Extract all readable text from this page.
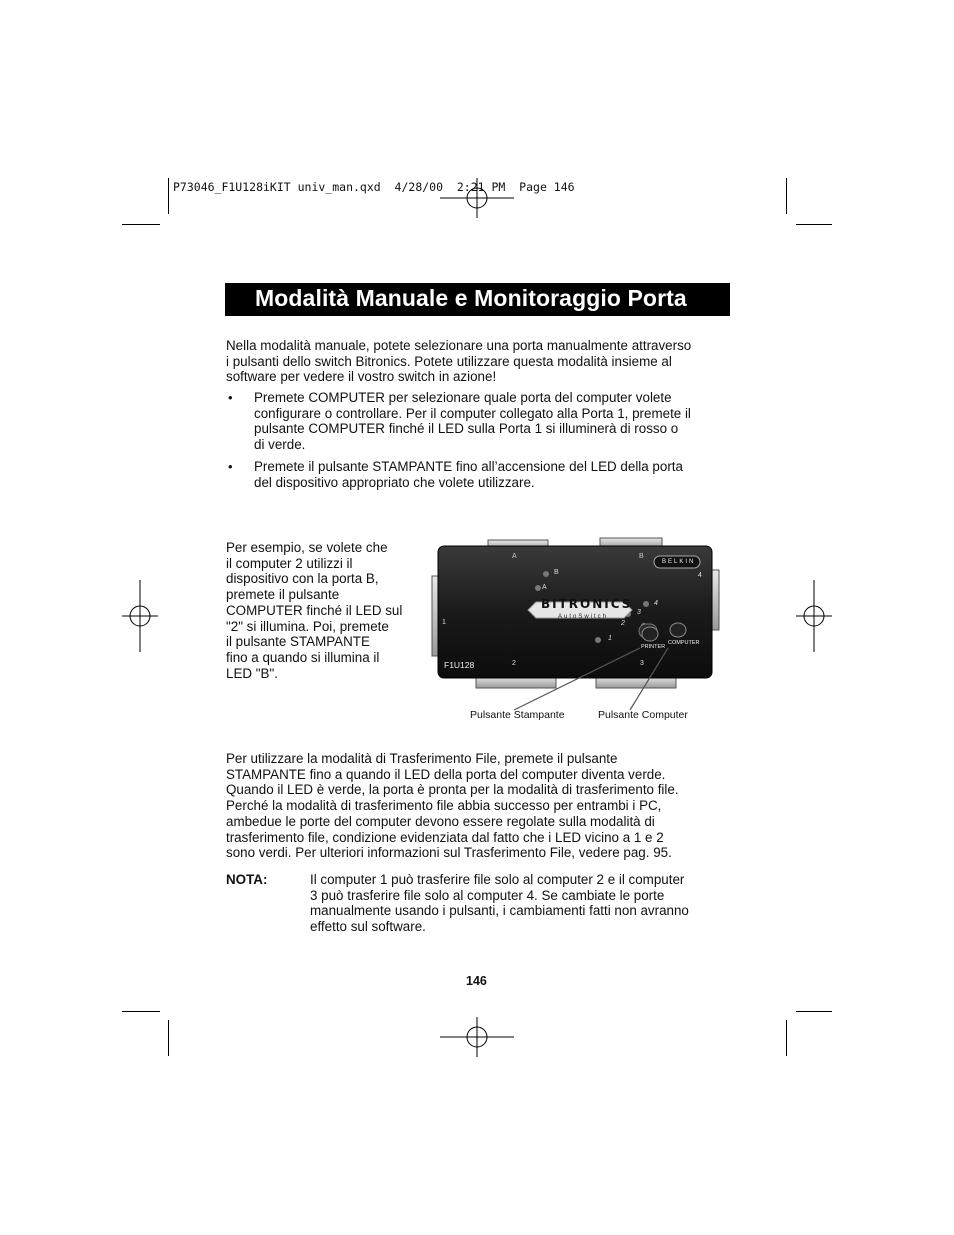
P73046_F1U128iKIT univ_man.qxd  4/28/00  2:21 PM  Page 146
Modalità Manuale e Monitoraggio Porta
Nella modalità manuale, potete selezionare una porta manualmente attraverso
i pulsanti dello switch Bitronics. Potete utilizzare questa modalità insieme al
software per vedere il vostro switch in azione!
• Premete COMPUTER per selezionare quale porta del computer volete
configurare o controllare. Per il computer collegato alla Porta 1, premete il
pulsante COMPUTER finché il LED sulla Porta 1 si illuminerà di rosso o
di verde.
• Premete il pulsante STAMPANTE fino all’accensione del LED della porta
del dispositivo appropriato che volete utilizzare.
Per esempio, se volete che
il computer 2 utilizzi il
dispositivo con la porta B,
premete il pulsante
COMPUTER finché il LED sul
"2" si illumina. Poi, premete
il pulsante STAMPANTE
fino a quando si illumina il
LED "B".
BITRONICS
AutoSwitch
BELKIN
F1U128
PRINTER
COMPUTER
A	B
1
2	3
4
B
A
4
3
2
1
Pulsante Stampante	Pulsante Computer
Per utilizzare la modalità di Trasferimento File, premete il pulsante
STAMPANTE fino a quando il LED della porta del computer diventa verde.
Quando il LED è verde, la porta è pronta per la modalità di trasferimento file.
Perché la modalità di trasferimento file abbia successo per entrambi i PC,
ambedue le porte del computer devono essere regolate sulla modalità di
trasferimento file, condizione evidenziata dal fatto che i LED vicino a 1 e 2
sono verdi. Per ulteriori informazioni sul Trasferimento File, vedere pag. 95.
NOTA:	Il computer 1 può trasferire file solo al computer 2 e il computer
3 può trasferire file solo al computer 4. Se cambiate le porte
manualmente usando i pulsanti, i cambiamenti fatti non avranno
effetto sul software.
146
